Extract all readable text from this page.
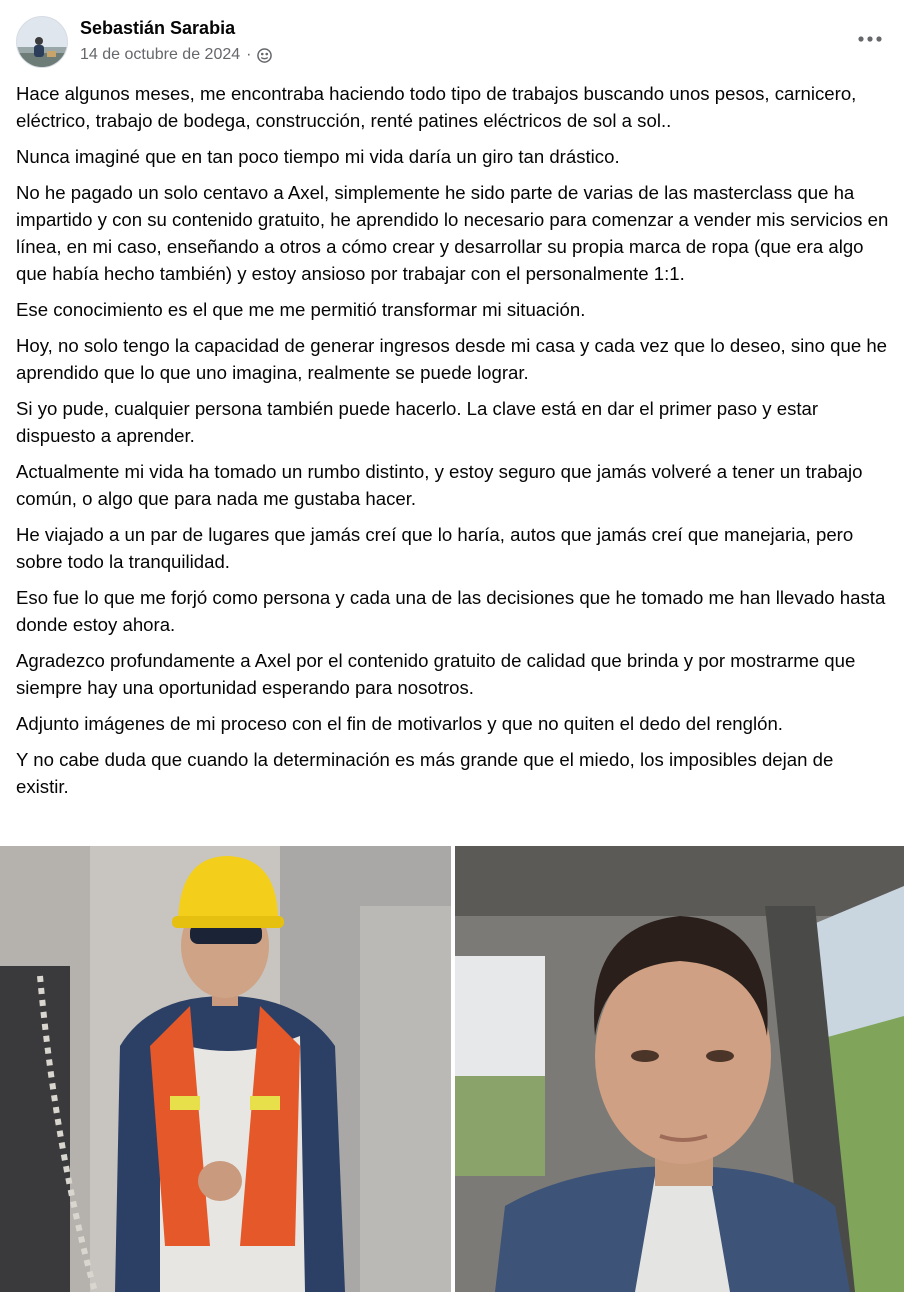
Sebastián Sarabia
14 de octubre de 2024 ·

Hace algunos meses, me encontraba haciendo todo tipo de trabajos buscando unos pesos, carnicero, eléctrico, trabajo de bodega, construcción, renté patines eléctricos de sol a sol..

Nunca imaginé que en tan poco tiempo mi vida daría un giro tan drástico.

No he pagado un solo centavo a Axel, simplemente he sido parte de varias de las masterclass que ha impartido y con su contenido gratuito, he aprendido lo necesario para comenzar a vender mis servicios en línea, en mi caso, enseñando a otros a cómo crear y desarrollar su propia marca de ropa (que era algo que había hecho también) y estoy ansioso por trabajar con el personalmente 1:1.

Ese conocimiento es el que me me permitió transformar mi situación.

Hoy, no solo tengo la capacidad de generar ingresos desde mi casa y cada vez que lo deseo, sino que he aprendido que lo que uno imagina, realmente se puede lograr.

Si yo pude, cualquier persona también puede hacerlo. La clave está en dar el primer paso y estar dispuesto a aprender.

Actualmente mi vida ha tomado un rumbo distinto, y estoy seguro que jamás volveré a tener un trabajo común, o algo que para nada me gustaba hacer.

He viajado a un par de lugares que jamás creí que lo haría, autos que jamás creí que manejaria, pero sobre todo la tranquilidad.

Eso fue lo que me forjó como persona y cada una de las decisiones que he tomado me han llevado hasta donde estoy ahora.

Agradezco profundamente a Axel por el contenido gratuito de calidad que brinda y por mostrarme que siempre hay una oportunidad esperando para nosotros.

Adjunto imágenes de mi proceso con el fin de motivarlos y que no quiten el dedo del renglón.

Y no cabe duda que cuando la determinación es más grande que el miedo, los imposibles dejan de existir.
